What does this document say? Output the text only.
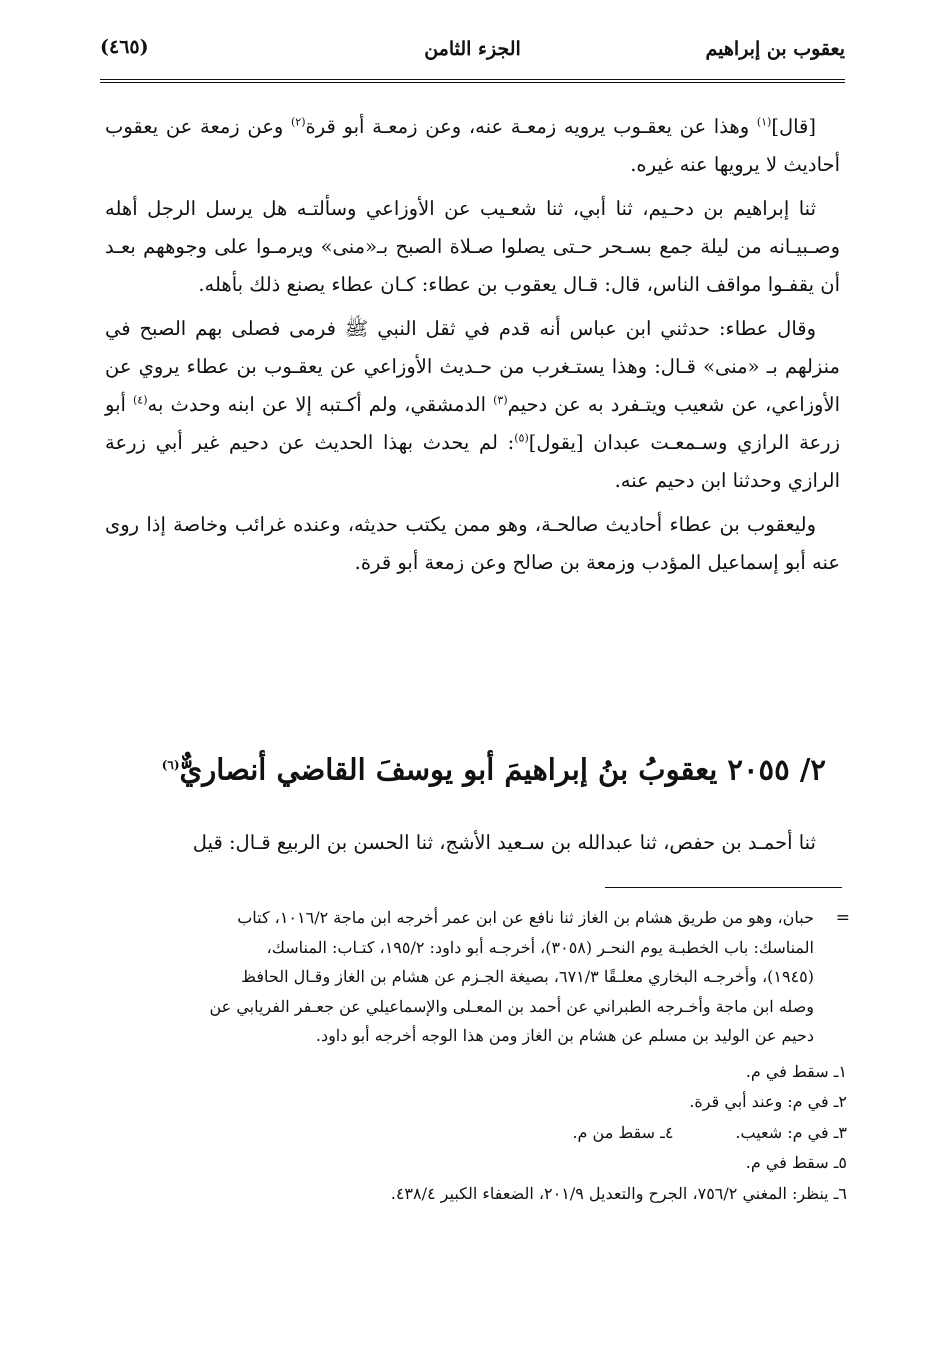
يعقوب بن إبراهيم
الجزء الثامن
(٤٦٥)

[قال]$^{(١)}$ وهذا عن يعقـوب يرويه زمعـة عنه، وعن زمعـة أبو قرة$^{(٢)}$ وعن زمعة عن يعقوب أحاديث لا يرويها عنه غيره.

ثنا إبراهيم بن دحـيم، ثنا أبي، ثنا شعـيب عن الأوزاعي وسألتـه هل يرسل الرجل أهله وصـبيـانه من ليلة جمع بسـحر حـتى يصلوا صـلاة الصبح بـ«منى» ويرمـوا على وجوههم بعـد أن يقفـوا مواقف الناس، قال: قـال يعقوب بن عطاء: كـان عطاء يصنع ذلك بأهله.

وقال عطاء: حدثني ابن عباس أنه قدم في ثقل النبي ﷺ فرمى فصلى بهم الصبح في منزلهم بـ «منى» قـال: وهذا يستـغرب من حـديث الأوزاعي عن يعقـوب بن عطاء يروي عن الأوزاعي، عن شعيب ويتـفرد به عن دحيم$^{(٣)}$ الدمشقي، ولم أكـتبه إلا عن ابنه وحدث به$^{(٤)}$ أبو زرعة الرازي وسـمعـت عبدان [يقول]$^{(٥)}$: لم يحدث بهذا الحديث عن دحيم غير أبي زرعة الرازي وحدثنا ابن دحيم عنه.

وليعقوب بن عطاء أحاديث صالحـة، وهو ممن يكتب حديثه، وعنده غرائب وخاصة إذا روى عنه أبو إسماعيل المؤدب وزمعة بن صالح وعن زمعة أبو قرة.

٢/ ٢٠٥٥ يعقوبُ بنُ إبراهيمَ أبو يوسفَ القاضي أنصاريٌّ$^{(٦)}$

ثنا أحمـد بن حفص، ثنا عبدالله بن سـعيد الأشج، ثنا الحسن بن الربيع قـال: قيل

=

حبان، وهو من طريق هشام بن الغاز ثنا نافع عن ابن عمر أخرجه ابن ماجة ١٠١٦/٢، كتاب

المناسك: باب الخطبـة يوم النحـر (٣٠٥٨)، أخرجـه أبو داود: ١٩٥/٢، كتـاب: المناسك،

(١٩٤٥)، وأخرجـه البخاري معلـقًا ٦٧١/٣، بصيغة الجـزم عن هشام بن الغاز وقـال الحافظ

وصله ابن ماجة وأخـرجه الطبراني عن أحمد بن المعـلى والإسماعيلي عن جعـفر الفريابي عن

دحيم عن الوليد بن مسلم عن هشام بن الغاز ومن هذا الوجه أخرجه أبو داود.

١ـ سقط في م.

٢ـ في م: وعند أبي قرة.

٣ـ في م: شعيب.٤ـ سقط من م.

٥ـ سقط في م.

٦ـ ينظر: المغني ٧٥٦/٢، الجرح والتعديل ٢٠١/٩، الضعفاء الكبير ٤٣٨/٤.
